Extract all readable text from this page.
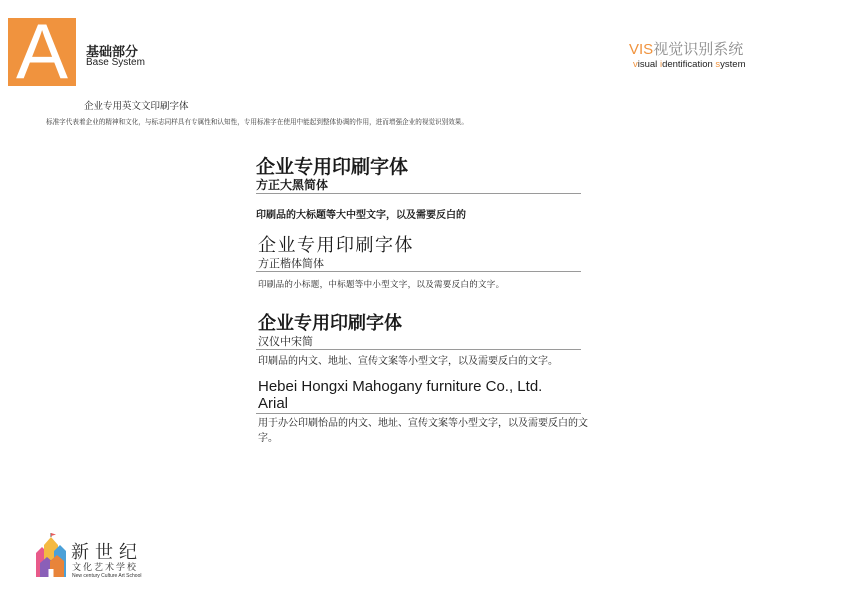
A	基础部分
Base System
VIS视觉识别系统
visual identification system
企业专用英文文印刷字体
标准字代表着企业的精神和文化，与标志同样具有专属性和认知性，专用标准字在使用中能起到整体协调的作用，进而增强企业的视觉识别效果。
企业专用印刷字体
方正大黑简体
印刷品的大标题等大中型文字，以及需要反白的
企业专用印刷字体
方正楷体简体
印刷品的小标题，中标题等中小型文字，以及需要反白的文字。
企业专用印刷字体
汉仪中宋简
印刷品的内文、地址、宣传文案等小型文字，以及需要反白的文字。
Hebei Hongxi Mahogany furniture Co., Ltd.
Arial
用于办公印刷怡品的内文、地址、宣传文案等小型文字，以及需要反白的文字。
新世纪
文化艺术学校
New century Culture Art School
